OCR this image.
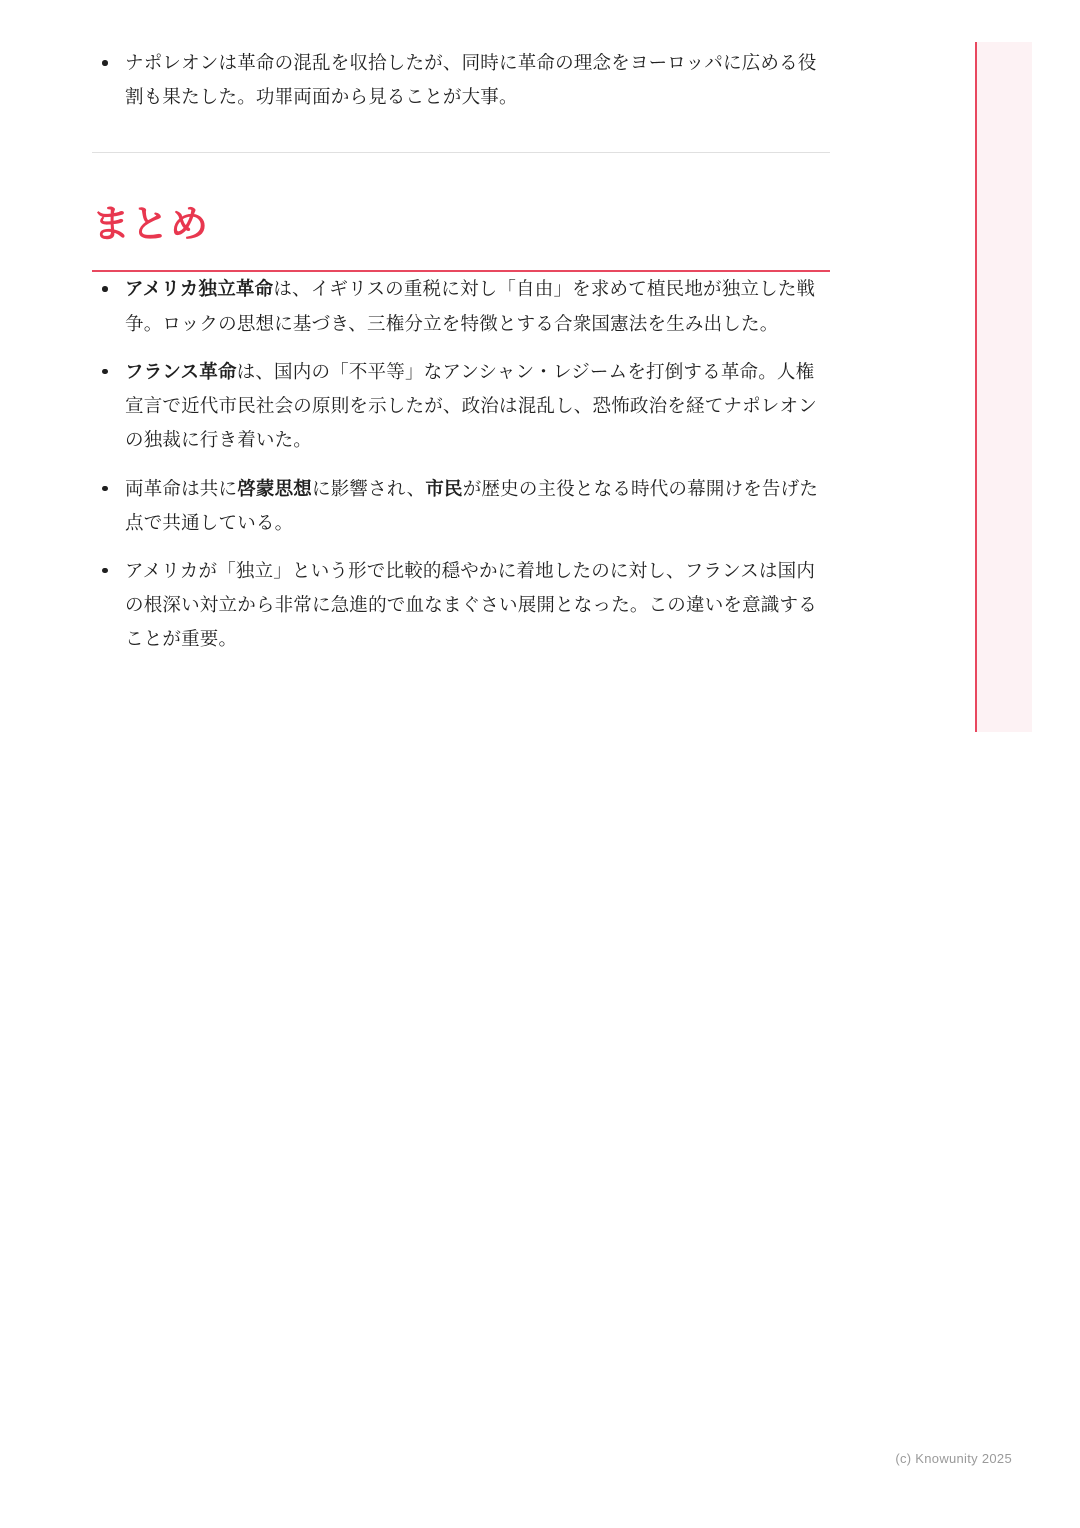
ナポレオンは革命の混乱を収拾したが、同時に革命の理念をヨーロッパに広める役割も果たした。功罪両面から見ることが大事。
まとめ
アメリカ独立革命は、イギリスの重税に対し「自由」を求めて植民地が独立した戦争。ロックの思想に基づき、三権分立を特徴とする合衆国憲法を生み出した。
フランス革命は、国内の「不平等」なアンシャン・レジームを打倒する革命。人権宣言で近代市民社会の原則を示したが、政治は混乱し、恐怖政治を経てナポレオンの独裁に行き着いた。
両革命は共に啓蒙思想に影響され、市民が歴史の主役となる時代の幕開けを告げた点で共通している。
アメリカが「独立」という形で比較的穏やかに着地したのに対し、フランスは国内の根深い対立から非常に急進的で血なまぐさい展開となった。この違いを意識することが重要。
(c) Knowunity 2025
